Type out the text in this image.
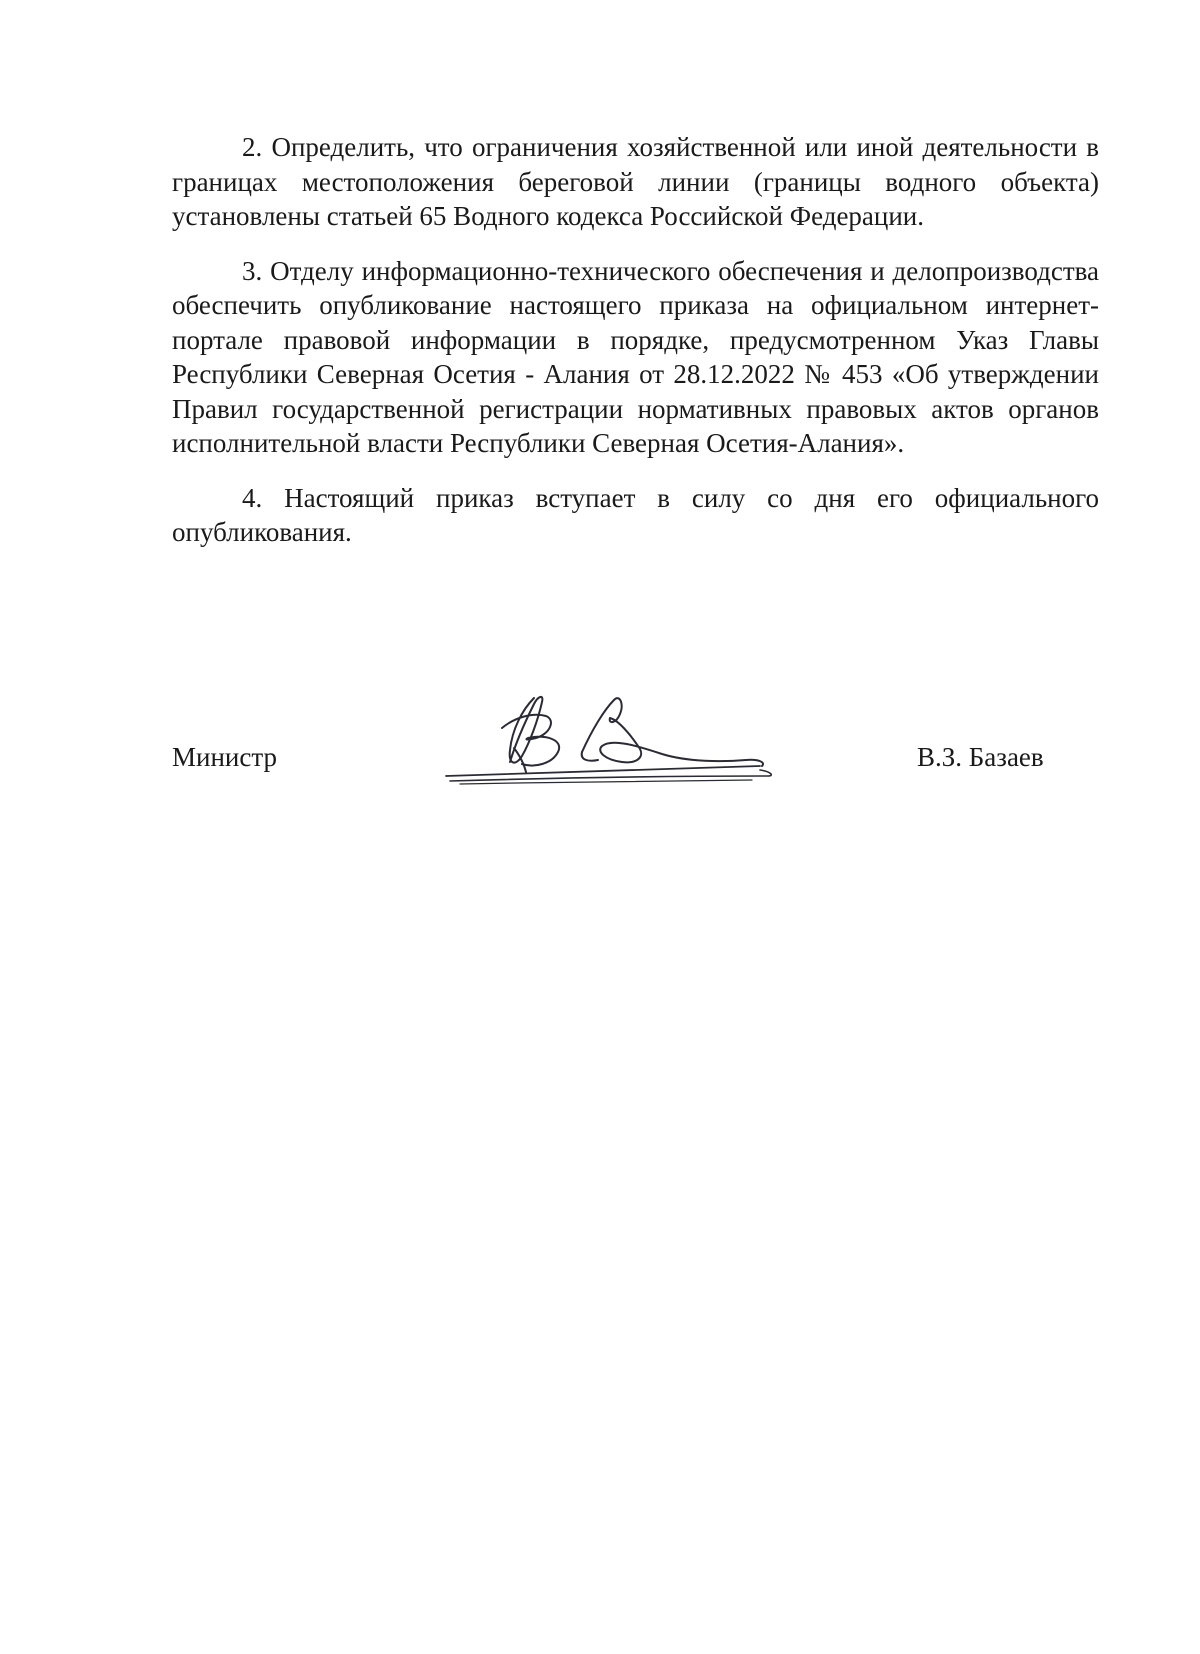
2. Определить, что ограничения хозяйственной или иной деятельности в границах местоположения береговой линии (границы водного объекта) установлены статьей 65 Водного кодекса Российской Федерации.

3. Отделу информационно-технического обеспечения и делопроизводства обеспечить опубликование настоящего приказа на официальном интернет-портале правовой информации в порядке, предусмотренном Указ Главы Республики Северная Осетия - Алания от 28.12.2022 № 453 «Об утверждении Правил государственной регистрации нормативных правовых актов органов исполнительной власти Республики Северная Осетия-Алания».

4. Настоящий приказ вступает в силу со дня его официального опубликования.

Министр	В.З. Базаев
